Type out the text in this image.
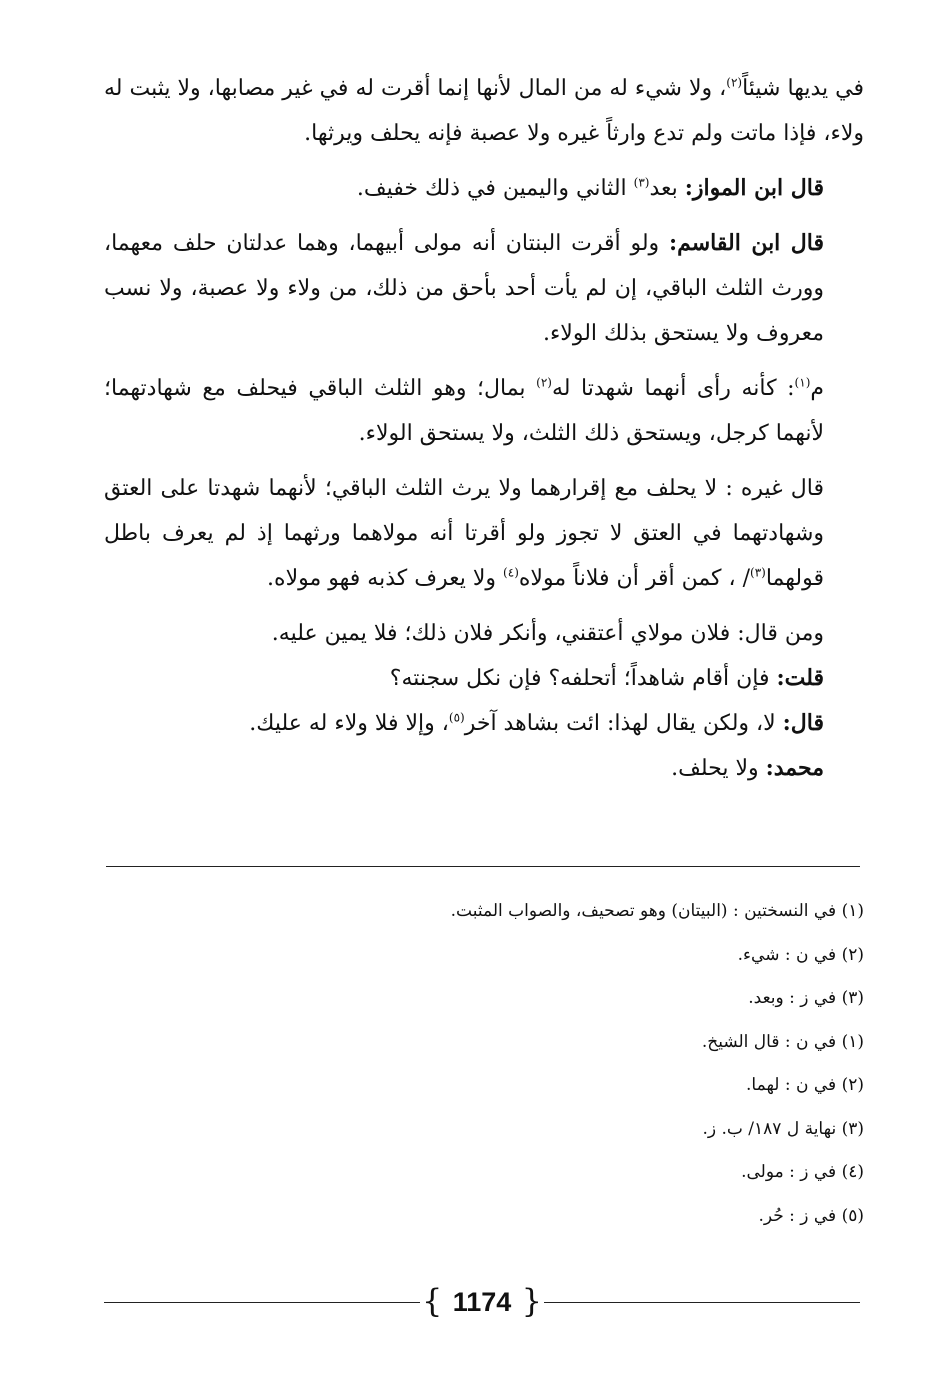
في يديها شيئاً$^{(٢)}$، ولا شيء له من المال لأنها إنما أقرت له في غير مصابها، ولا يثبت له ولاء، فإذا ماتت ولم تدع وارثاً غيره ولا عصبة فإنه يحلف ويرثها.

قال ابن المواز: بعد$^{(٣)}$ الثاني واليمين في ذلك خفيف.

قال ابن القاسم: ولو أقرت البنتان أنه مولى أبيهما، وهما عدلتان حلف معهما، وورث الثلث الباقي، إن لم يأت أحد بأحق من ذلك، من ولاء ولا عصبة، ولا نسب معروف ولا يستحق بذلك الولاء.

م$^{(١)}$: كأنه رأى أنهما شهدتا له$^{(٢)}$ بمال؛ وهو الثلث الباقي فيحلف مع شهادتهما؛ لأنهما كرجل، ويستحق ذلك الثلث، ولا يستحق الولاء.

قال غيره : لا يحلف مع إقرارهما ولا يرث الثلث الباقي؛ لأنهما شهدتا على العتق وشهادتهما في العتق لا تجوز ولو أقرتا أنه مولاهما ورثهما إذ لم يعرف باطل قولهما$^{(٣)}$/ ، كمن أقر أن فلاناً مولاه$^{(٤)}$ ولا يعرف كذبه فهو مولاه.

ومن قال: فلان مولاي أعتقني، وأنكر فلان ذلك؛ فلا يمين عليه.

قلت: فإن أقام شاهداً؛ أتحلفه؟ فإن نكل سجنته؟

قال: لا، ولكن يقال لهذا: ائت بشاهد آخر$^{(٥)}$، وإلا فلا ولاء له عليك.

محمد: ولا يحلف.

(١) في النسختين : (البيتان) وهو تصحيف، والصواب المثبت.
(٢) في ن : شيء.
(٣) في ز : وبعد.
(١) في ن : قال الشيخ.
(٢) في ن : لهما.
(٣) نهاية ل ١٨٧/ ب. ز.
(٤) في ز : مولى.
(٥) في ز : حُر.
{ 1174 }
